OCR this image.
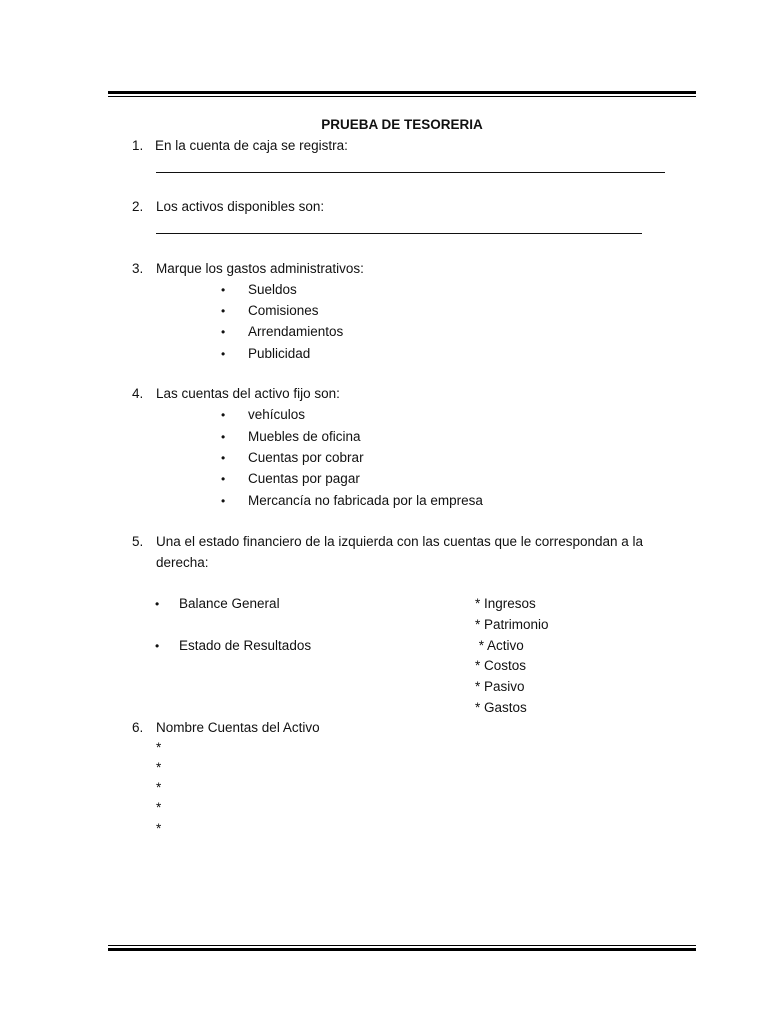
PRUEBA DE TESORERIA
1. En la cuenta de caja se registra:
2. Los activos disponibles son:
3. Marque los gastos administrativos:
• Sueldos
• Comisiones
• Arrendamientos
• Publicidad
4. Las cuentas del activo fijo son:
• vehículos
• Muebles de oficina
• Cuentas por cobrar
• Cuentas por pagar
• Mercancía no fabricada por la empresa
5. Una el estado financiero de la izquierda con las cuentas que le correspondan a la
derecha:
• Balance General
• Estado de Resultados
* Ingresos
* Patrimonio
* Activo
* Costos
* Pasivo
* Gastos
6. Nombre Cuentas del Activo
*
*
*
*
*
